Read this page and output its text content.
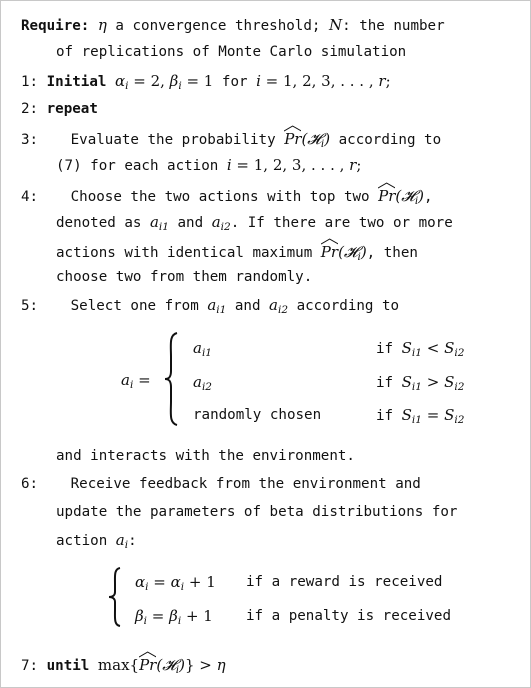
Require: η a convergence threshold; N: the number
of replications of Monte Carlo simulation
1: Initial $\alpha_i = 2$, $\beta_i = 1$ for i = 1, 2, 3, . . . , r;
2: repeat
3: Evaluate the probability Pr
(𝓗$_i$) according to
(7) for each action i = 1, 2, 3, . . . , r;
4: Choose the two actions with top two Pr
(𝓗$_i$),
denoted as $a_{i1}$ and $a_{i2}$. If there are two or more
actions with identical maximum Pr
(𝓗$_i$), then
choose two from them randomly.
5: Select one from $a_{i1}$ and $a_{i2}$ according to
$a_i$ =
$a_{i1}$	if $S_{i1} < S_{i2}$
$a_{i2}$	if $S_{i1} > S_{i2}$
randomly chosen	if $S_{i1} = S_{i2}$
and interacts with the environment.
6: Receive feedback from the environment and
update the parameters of beta distributions for
action $a_i$:
$\alpha_i = \alpha_i + 1$ if a reward is received
$\beta_i = \beta_i + 1$ if a penalty is received
7: until max{Pr
(𝓗$_i$)} > η
